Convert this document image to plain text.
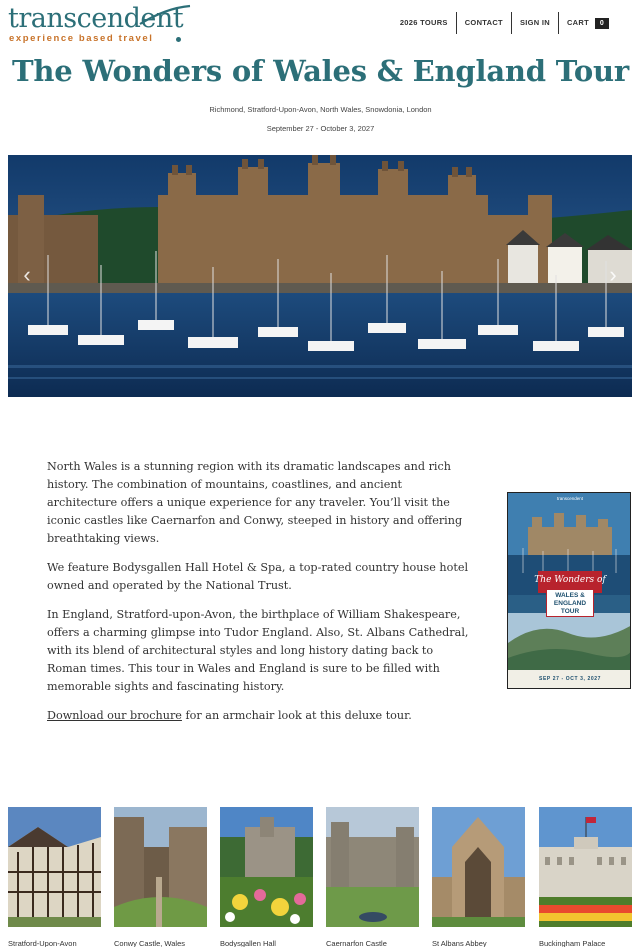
transcendent
experience based travel
2026 TOURS	CONTACT	SIGN IN	CART 0
The Wonders of Wales & England Tour
Richmond, Stratford-Upon-Avon, North Wales, Snowdonia, London
September 27 - October 3, 2027
‹	›

North Wales is a stunning region with its dramatic landscapes and rich history. The combination of mountains, coastlines, and ancient architecture offers a unique experience for any traveler. You’ll visit the iconic castles like Caernarfon and Conwy, steeped in history and offering breathtaking views.

We feature Bodysgallen Hall Hotel & Spa, a top-rated country house hotel owned and operated by the National Trust.

In England, Stratford-upon-Avon, the birthplace of William Shakespeare, offers a charming glimpse into Tudor England. Also, St. Albans Cathedral, with its blend of architectural styles and long history dating back to Roman times. This tour in Wales and England is sure to be filled with memorable sights and fascinating history.

Download our brochure for an armchair look at this deluxe tour.

transcendent
The Wonders of
WALES & ENGLAND
TOUR
SEP 27 - OCT 3, 2027
Stratford-Upon-Avon	Conwy Castle, Wales	Bodysgallen Hall	Caernarfon Castle	St Albans Abbey	Buckingham Palace
